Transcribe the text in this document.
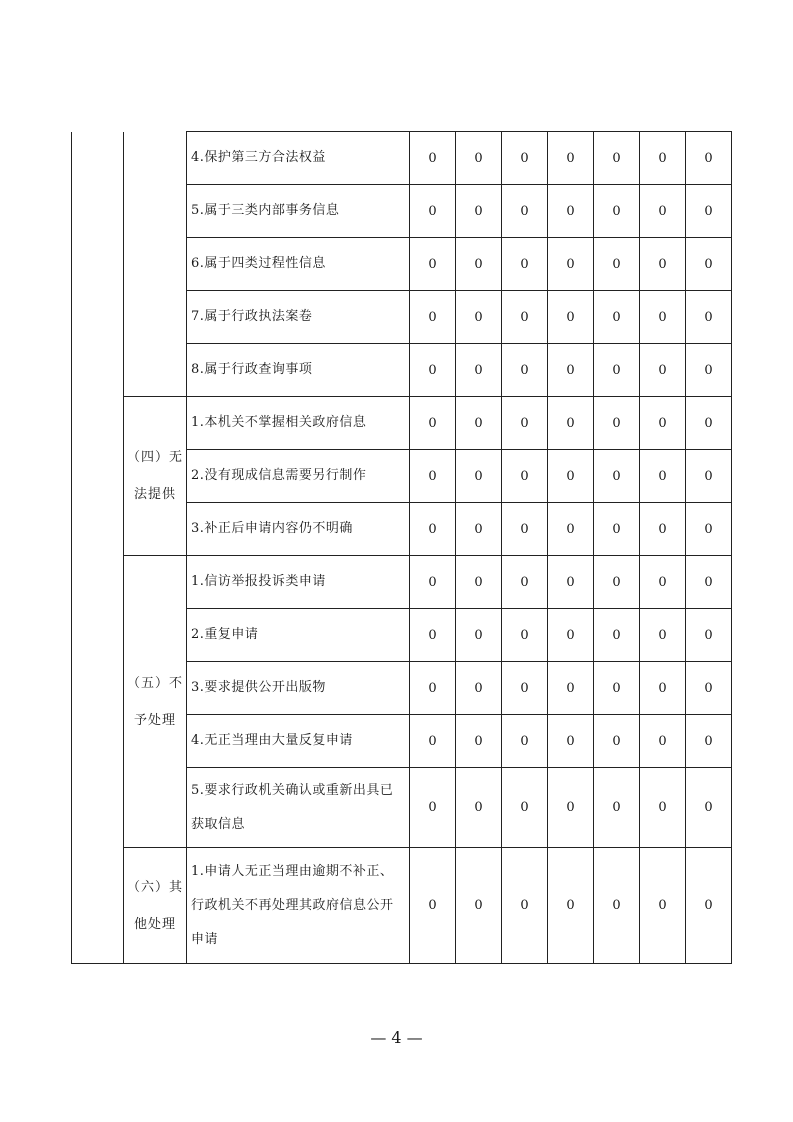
		4.保护第三方合法权益	0	0	0	0	0	0	0
		5.属于三类内部事务信息	0	0	0	0	0	0	0
		6.属于四类过程性信息	0	0	0	0	0	0	0
		7.属于行政执法案卷	0	0	0	0	0	0	0
		8.属于行政查询事项	0	0	0	0	0	0	0
	（四）无法提供	1.本机关不掌握相关政府信息	0	0	0	0	0	0	0
		2.没有现成信息需要另行制作	0	0	0	0	0	0	0
		3.补正后申请内容仍不明确	0	0	0	0	0	0	0
	（五）不予处理	1.信访举报投诉类申请	0	0	0	0	0	0	0
		2.重复申请	0	0	0	0	0	0	0
		3.要求提供公开出版物	0	0	0	0	0	0	0
		4.无正当理由大量反复申请	0	0	0	0	0	0	0
		5.要求行政机关确认或重新出具已获取信息	0	0	0	0	0	0	0
	（六）其他处理	1.申请人无正当理由逾期不补正、行政机关不再处理其政府信息公开申请	0	0	0	0	0	0	0
— 4 —
